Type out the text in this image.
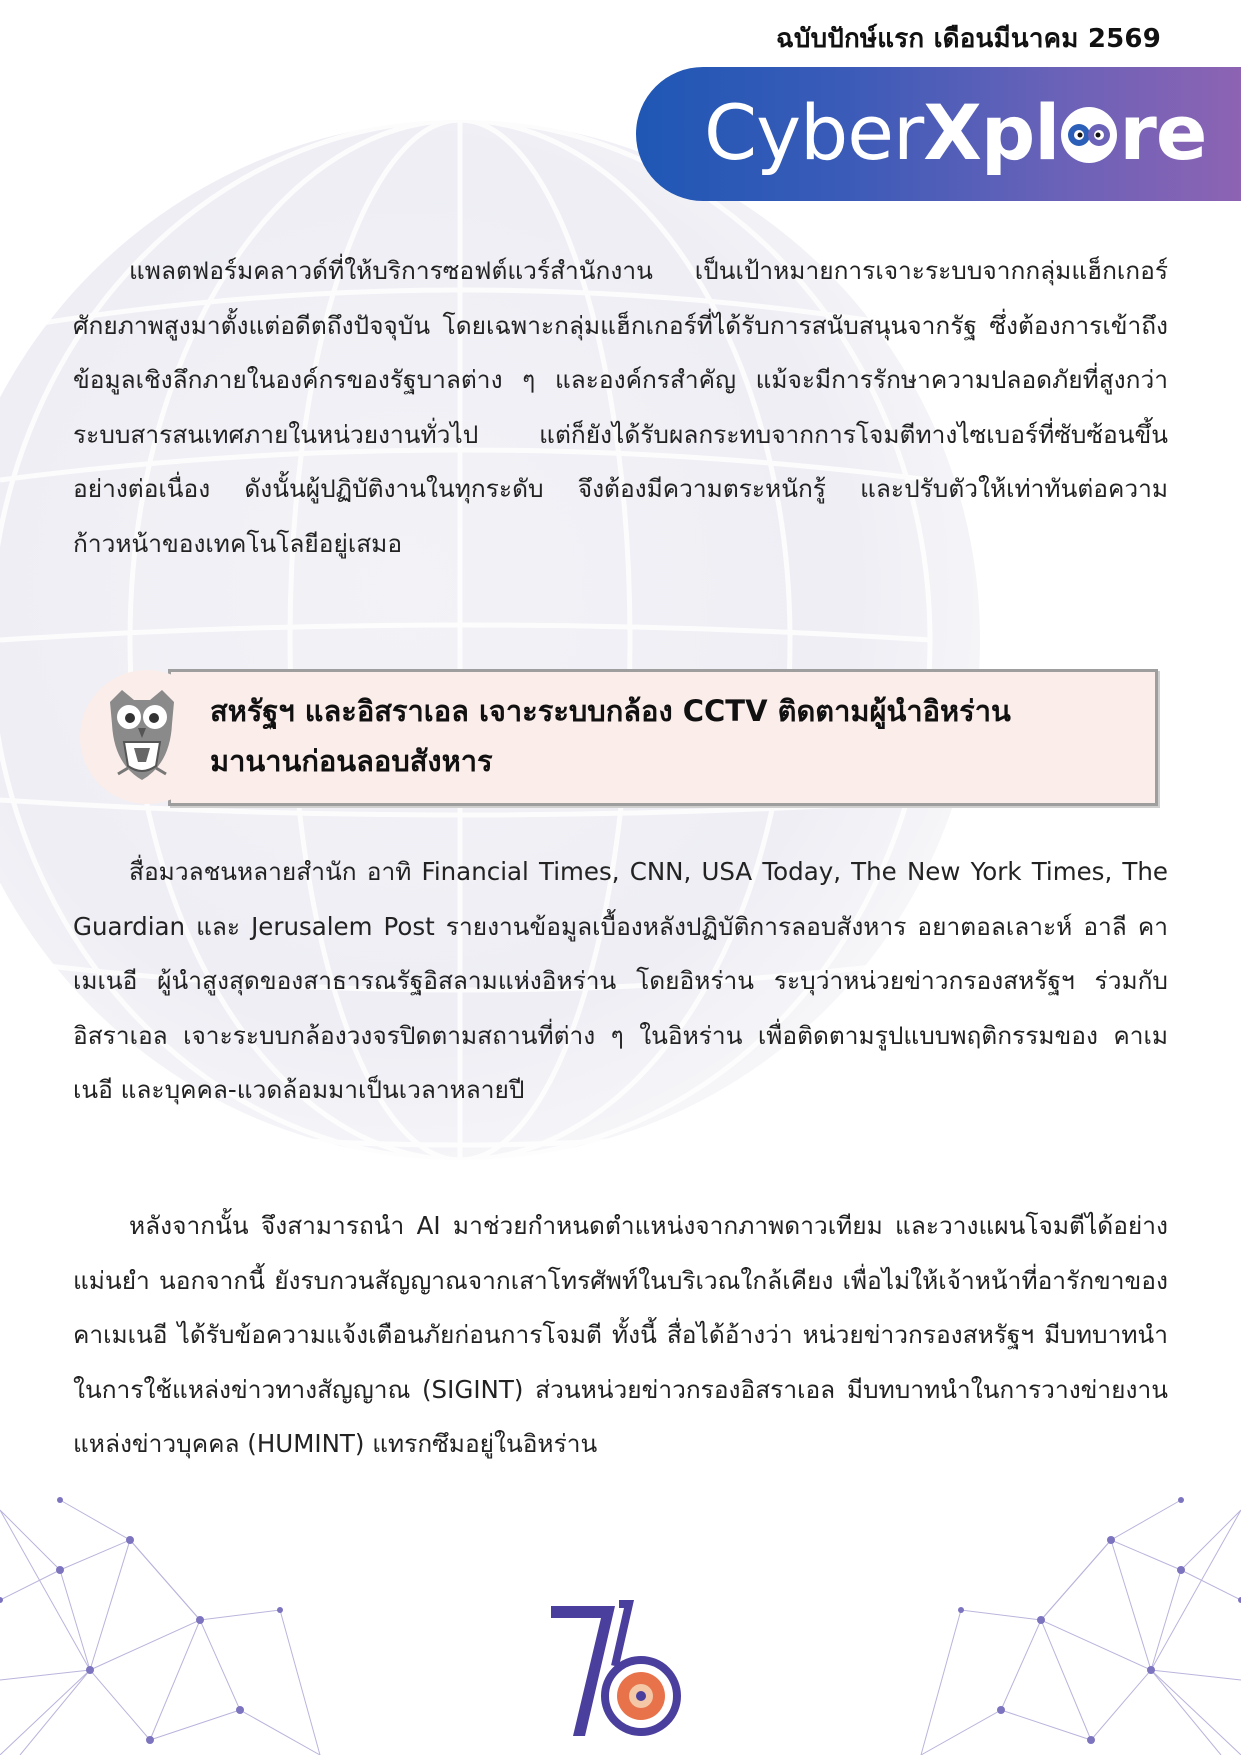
ฉบับปักษ์แรก เดือนมีนาคม 2569
Cyber Xpl re
แพลตฟอร์มคลาวด์ที่ให้บริการซอฟต์แวร์สำนักงาน เป็นเป้าหมายการเจาะระบบจากกลุ่มแฮ็กเกอร์ศักยภาพสูงมาตั้งแต่อดีตถึงปัจจุบัน โดยเฉพาะกลุ่มแฮ็กเกอร์ที่ได้รับการสนับสนุนจากรัฐ ซึ่งต้องการเข้าถึงข้อมูลเชิงลึกภายในองค์กรของรัฐบาลต่าง ๆ และองค์กรสำคัญ แม้จะมีการรักษาความปลอดภัยที่สูงกว่าระบบสารสนเทศภายในหน่วยงานทั่วไป แต่ก็ยังได้รับผลกระทบจากการโจมตีทางไซเบอร์ที่ซับซ้อนขึ้นอย่างต่อเนื่อง ดังนั้นผู้ปฏิบัติงานในทุกระดับ จึงต้องมีความตระหนักรู้ และปรับตัวให้เท่าทันต่อความก้าวหน้าของเทคโนโลยีอยู่เสมอ
สหรัฐฯ และอิสราเอล เจาะระบบกล้อง CCTV ติดตามผู้นำอิหร่าน
มานานก่อนลอบสังหาร
สื่อมวลชนหลายสำนัก อาทิ Financial Times, CNN, USA Today, The New York Times, The Guardian และ Jerusalem Post รายงานข้อมูลเบื้องหลังปฏิบัติการลอบสังหาร อยาตอลเลาะห์ อาลี คาเมเนอี ผู้นำสูงสุดของสาธารณรัฐอิสลามแห่งอิหร่าน โดยอิหร่าน ระบุว่าหน่วยข่าวกรองสหรัฐฯ ร่วมกับอิสราเอล เจาะระบบกล้องวงจรปิดตามสถานที่ต่าง ๆ ในอิหร่าน เพื่อติดตามรูปแบบพฤติกรรมของ คาเมเนอี และบุคคล-แวดล้อมมาเป็นเวลาหลายปี
หลังจากนั้น จึงสามารถนำ AI มาช่วยกำหนดตำแหน่งจากภาพดาวเทียม และวางแผนโจมตีได้อย่างแม่นยำ นอกจากนี้ ยังรบกวนสัญญาณจากเสาโทรศัพท์ในบริเวณใกล้เคียง เพื่อไม่ให้เจ้าหน้าที่อารักขาของ คาเมเนอี ได้รับข้อความแจ้งเตือนภัยก่อนการโจมตี ทั้งนี้ สื่อได้อ้างว่า หน่วยข่าวกรองสหรัฐฯ มีบทบาทนำในการใช้แหล่งข่าวทางสัญญาณ (SIGINT) ส่วนหน่วยข่าวกรองอิสราเอล มีบทบาทนำในการวางข่ายงานแหล่งข่าวบุคคล (HUMINT) แทรกซึมอยู่ในอิหร่าน
